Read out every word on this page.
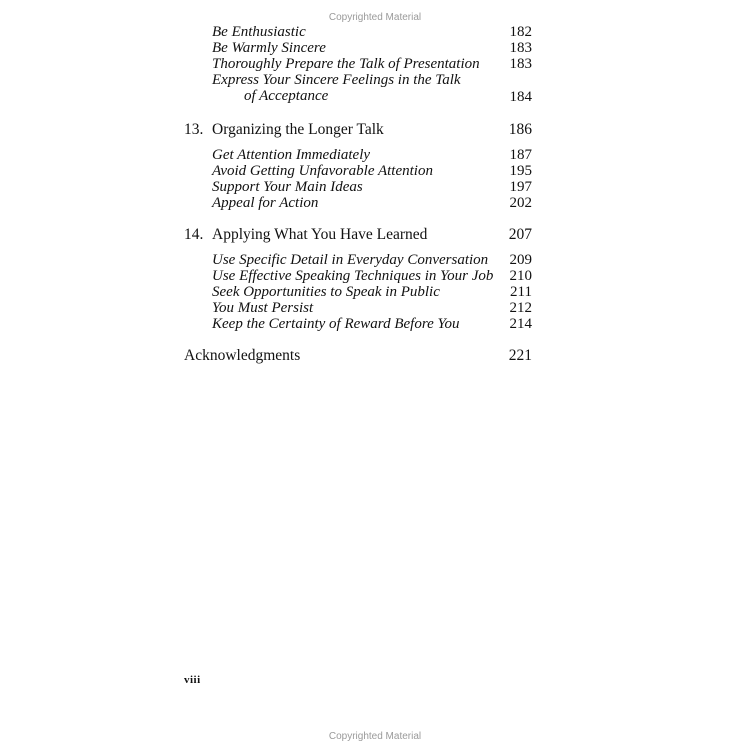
Copyrighted Material
Be Enthusiastic	182
Be Warmly Sincere	183
Thoroughly Prepare the Talk of Presentation 183
Express Your Sincere Feelings in the Talk
of Acceptance	184
13. Organizing the Longer Talk	186
Get Attention Immediately	187
Avoid Getting Unfavorable Attention	195
Support Your Main Ideas	197
Appeal for Action	202
14. Applying What You Have Learned	207
Use Specific Detail in Everyday Conversation 209
Use Effective Speaking Techniques in Your Job 210
Seek Opportunities to Speak in Public	211
You Must Persist	212
Keep the Certainty of Reward Before You	214
Acknowledgments	221
viii
Copyrighted Material
